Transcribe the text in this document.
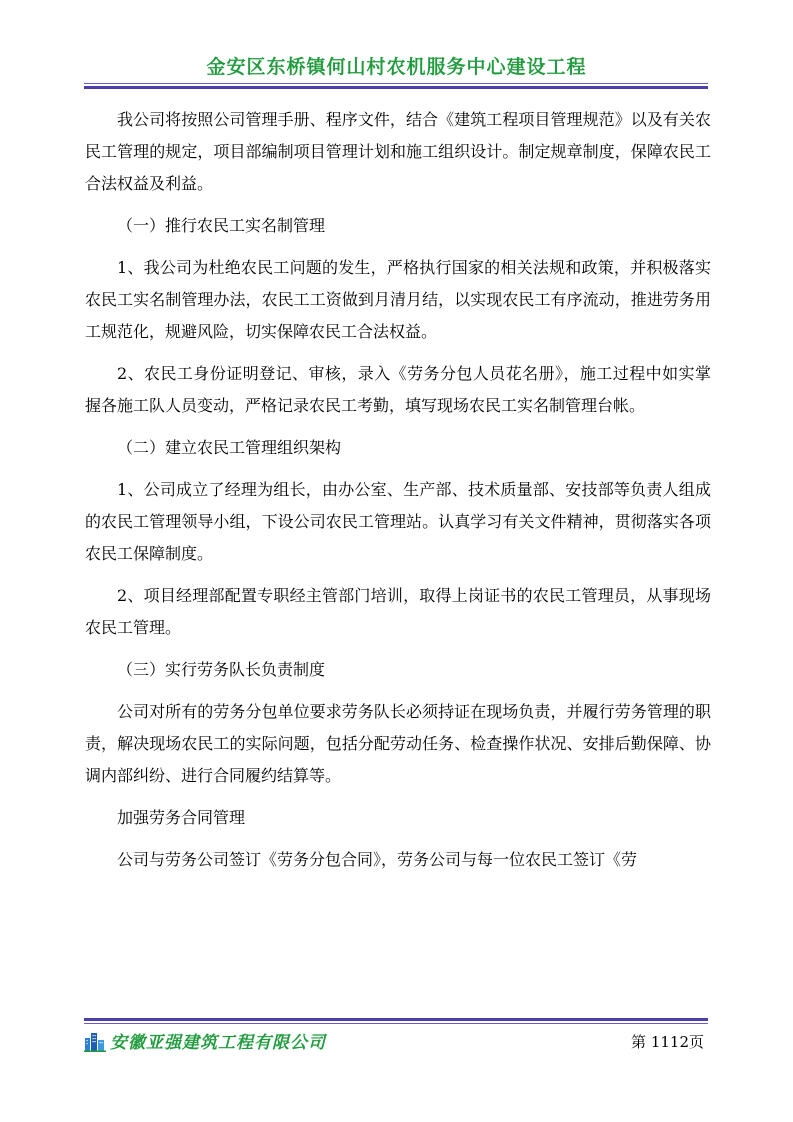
金安区东桥镇何山村农机服务中心建设工程

我公司将按照公司管理手册、程序文件，结合《建筑工程项目管理规范》以及有关农民工管理的规定，项目部编制项目管理计划和施工组织设计。制定规章制度，保障农民工合法权益及利益。

（一）推行农民工实名制管理

1、我公司为杜绝农民工问题的发生，严格执行国家的相关法规和政策，并积极落实农民工实名制管理办法，农民工工资做到月清月结，以实现农民工有序流动，推进劳务用工规范化，规避风险，切实保障农民工合法权益。

2、农民工身份证明登记、审核，录入《劳务分包人员花名册》，施工过程中如实掌握各施工队人员变动，严格记录农民工考勤，填写现场农民工实名制管理台帐。

（二）建立农民工管理组织架构

1、公司成立了经理为组长，由办公室、生产部、技术质量部、安技部等负责人组成的农民工管理领导小组，下设公司农民工管理站。认真学习有关文件精神，贯彻落实各项农民工保障制度。

2、项目经理部配置专职经主管部门培训，取得上岗证书的农民工管理员，从事现场农民工管理。

（三）实行劳务队长负责制度

公司对所有的劳务分包单位要求劳务队长必须持证在现场负责，并履行劳务管理的职责，解决现场农民工的实际问题，包括分配劳动任务、检查操作状况、安排后勤保障、协调内部纠纷、进行合同履约结算等。

加强劳务合同管理

公司与劳务公司签订《劳务分包合同》，劳务公司与每一位农民工签订《劳

安徽亚强建筑工程有限公司	第 1112页
